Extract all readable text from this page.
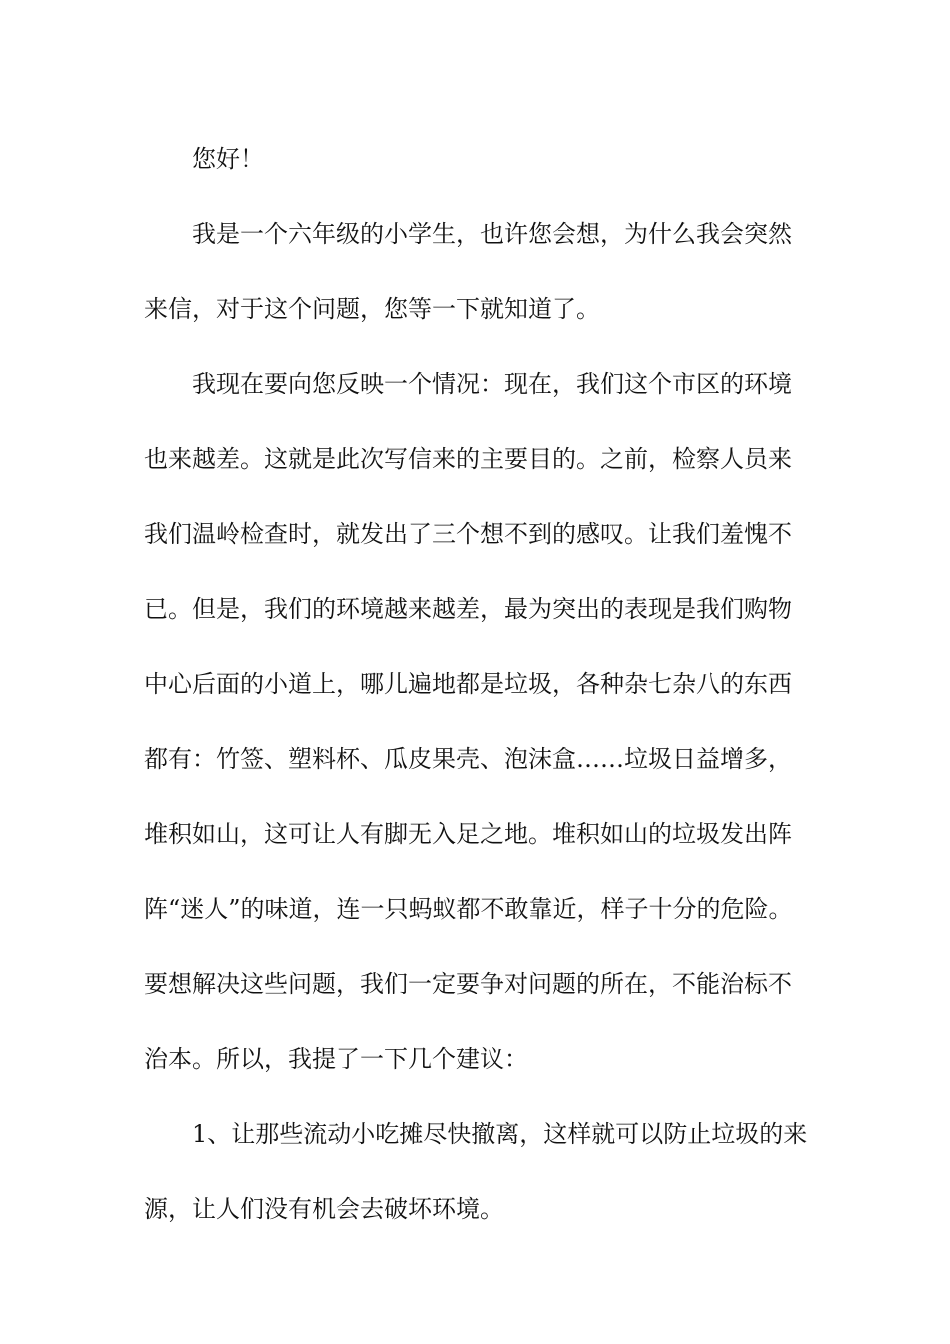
您好！

我是一个六年级的小学生，也许您会想，为什么我会突然
来信，对于这个问题，您等一下就知道了。

我现在要向您反映一个情况：现在，我们这个市区的环境
也来越差。这就是此次写信来的主要目的。之前，检察人员来
我们温岭检查时，就发出了三个想不到的感叹。让我们羞愧不
已。但是，我们的环境越来越差，最为突出的表现是我们购物
中心后面的小道上，哪儿遍地都是垃圾，各种杂七杂八的东西
都有：竹签、塑料杯、瓜皮果壳、泡沫盒……垃圾日益增多，
堆积如山，这可让人有脚无入足之地。堆积如山的垃圾发出阵
阵“迷人”的味道，连一只蚂蚁都不敢靠近，样子十分的危险。
要想解决这些问题，我们一定要争对问题的所在，不能治标不
治本。所以，我提了一下几个建议：

1、让那些流动小吃摊尽快撤离，这样就可以防止垃圾的来
源，让人们没有机会去破坏环境。
